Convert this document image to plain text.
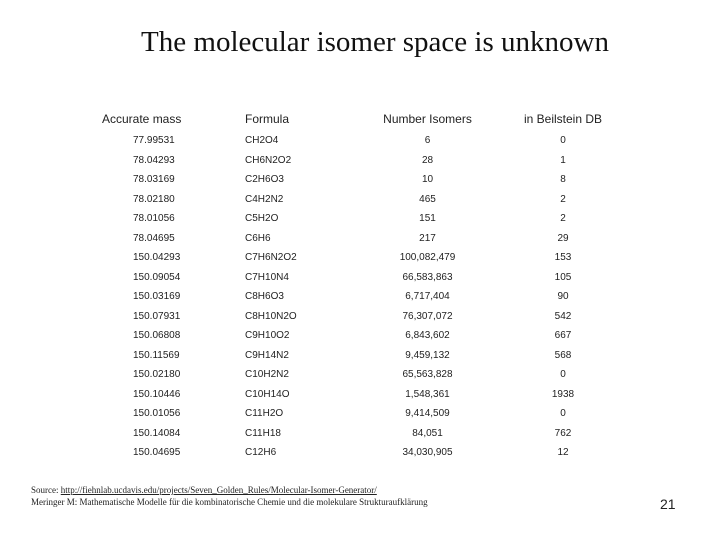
The molecular isomer space is unknown
Accurate mass	Formula	Number Isomers	in Beilstein DB
77.99531	CH2O4	6	0
78.04293	CH6N2O2	28	1
78.03169	C2H6O3	10	8
78.02180	C4H2N2	465	2
78.01056	C5H2O	151	2
78.04695	C6H6	217	29
150.04293	C7H6N2O2	100,082,479	153
150.09054	C7H10N4	66,583,863	105
150.03169	C8H6O3	6,717,404	90
150.07931	C8H10N2O	76,307,072	542
150.06808	C9H10O2	6,843,602	667
150.11569	C9H14N2	9,459,132	568
150.02180	C10H2N2	65,563,828	0
150.10446	C10H14O	1,548,361	1938
150.01056	C11H2O	9,414,509	0
150.14084	C11H18	84,051	762
150.04695	C12H6	34,030,905	12
Source: http://fiehnlab.ucdavis.edu/projects/Seven_Golden_Rules/Molecular-Isomer-Generator/
Meringer M: Mathematische Modelle für die kombinatorische Chemie und die molekulare Strukturaufklärung	21
